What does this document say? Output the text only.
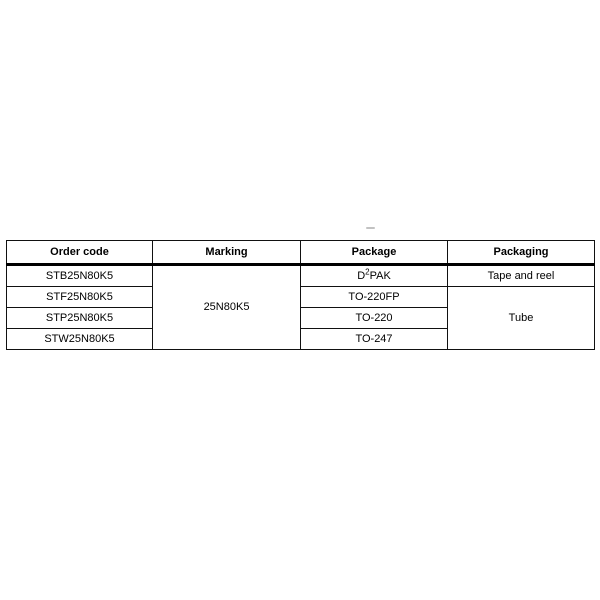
Order code	Marking	Package	Packaging
STB25N80K5	25N80K5	$D^2PAK$	Tape and reel
STF25N80K5		TO-220FP	Tube
STP25N80K5		TO-220	
STW25N80K5		TO-247	
